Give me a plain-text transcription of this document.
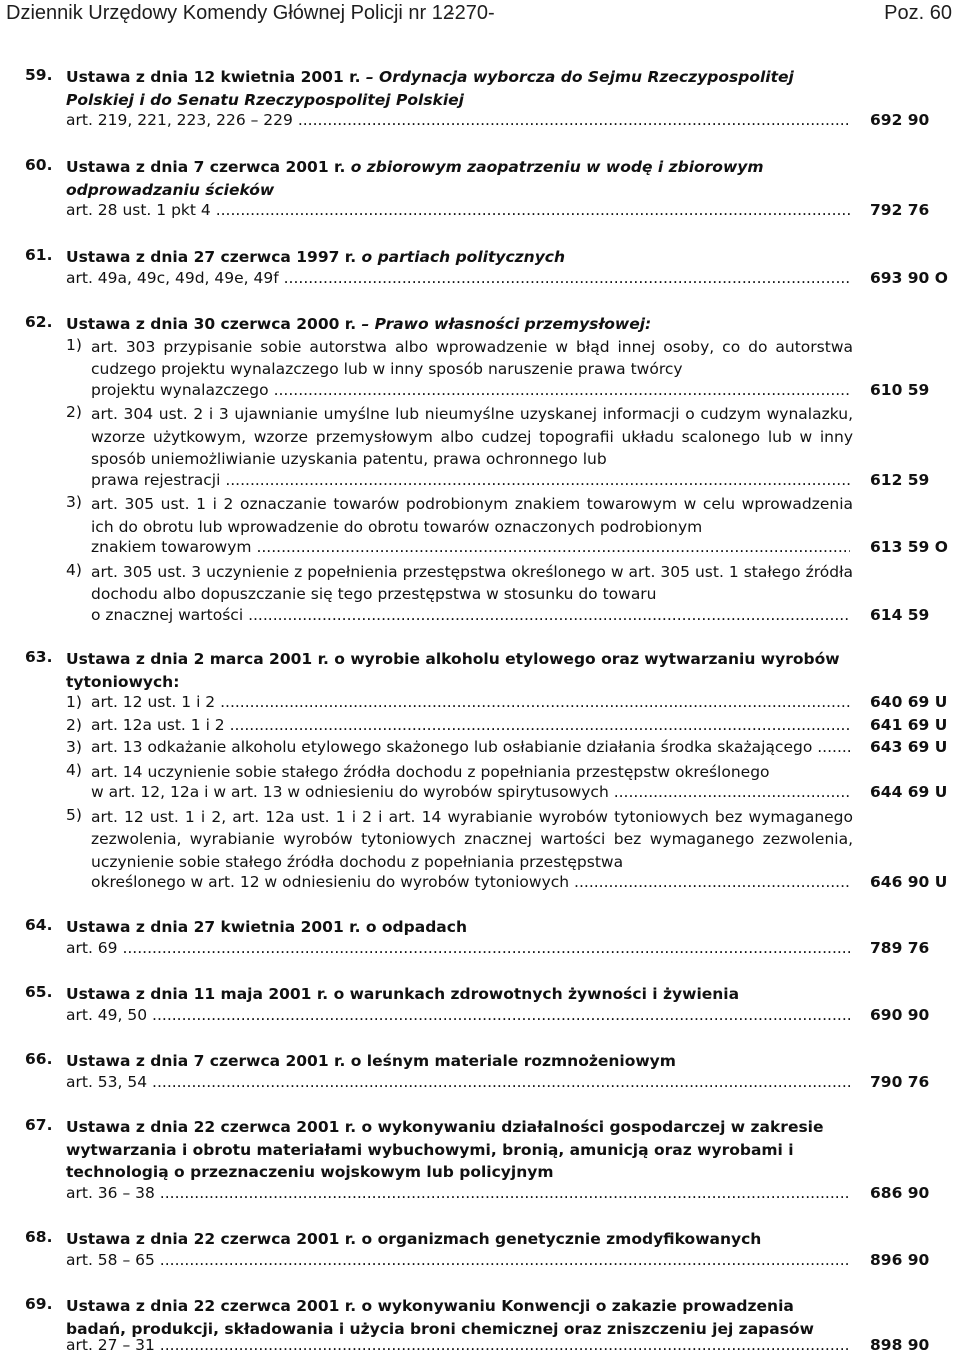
Dziennik Urzędowy Komendy Głównej Policji nr 12
-270-	Poz. 60
59. Ustawa z dnia 12 kwietnia 2001 r. – Ordynacja wyborcza do Sejmu Rzeczypospolitej Polskiej i do Senatu Rzeczypospolitej Polskiej
art. 219, 221, 223, 226 – 229 .....	692 90
60. Ustawa z dnia 7 czerwca 2001 r. o zbiorowym zaopatrzeniu w wodę i zbiorowym odprowadzaniu ścieków
art. 28 ust. 1 pkt 4 .....	792 76
61. Ustawa z dnia 27 czerwca 1997 r. o partiach politycznych
art. 49a, 49c, 49d, 49e, 49f .....	693 90 O
62. Ustawa z dnia 30 czerwca 2000 r. – Prawo własności przemysłowej:
1) art. 303 przypisanie sobie autorstwa albo wprowadzenie w błąd innej osoby, co do autorstwa cudzego projektu wynalazczego lub w inny sposób naruszenie prawa twórcy
projektu wynalazczego .....	610 59
2) art. 304 ust. 2 i 3 ujawnianie umyślne lub nieumyślne uzyskanej informacji o cudzym wynalazku, wzorze użytkowym, wzorze przemysłowym albo cudzej topografii układu scalonego lub w inny sposób uniemożliwianie uzyskania patentu, prawa ochronnego lub
prawa rejestracji .....	612 59
3) art. 305 ust. 1 i 2 oznaczanie towarów podrobionym znakiem towarowym w celu wprowadzenia ich do obrotu lub wprowadzenie do obrotu towarów oznaczonych podrobionym
znakiem towarowym .....	613 59 O
4) art. 305 ust. 3 uczynienie z popełnienia przestępstwa określonego w art. 305 ust. 1 stałego źródła dochodu albo dopuszczanie się tego przestępstwa w stosunku do towaru
o znacznej wartości .....	614 59
63. Ustawa z dnia 2 marca 2001 r. o wyrobie alkoholu etylowego oraz wytwarzaniu wyrobów tytoniowych:
1) art. 12 ust. 1 i 2 .....	640 69 U
2) art. 12a ust. 1 i 2 .....	641 69 U
3) art. 13 odkażanie alkoholu etylowego skażonego lub osłabianie działania środka skażającego .....	643 69 U
4) art. 14 uczynienie sobie stałego źródła dochodu z popełniania przestępstw określonego
w art. 12, 12a i w art. 13 w odniesieniu do wyrobów spirytusowych .....	644 69 U
5) art. 12 ust. 1 i 2, art. 12a ust. 1 i 2 i art. 14 wyrabianie wyrobów tytoniowych bez wymaganego zezwolenia, wyrabianie wyrobów tytoniowych znacznej wartości bez wymaganego zezwolenia, uczynienie sobie stałego źródła dochodu z popełniania przestępstwa
określonego w art. 12 w odniesieniu do wyrobów tytoniowych .....	646 90 U
64. Ustawa z dnia 27 kwietnia 2001 r. o odpadach
art. 69 .....	789 76
65. Ustawa z dnia 11 maja 2001 r. o warunkach zdrowotnych żywności i żywienia
art. 49, 50 .....	690 90
66. Ustawa z dnia 7 czerwca 2001 r. o leśnym materiale rozmnożeniowym
art. 53, 54 .....	790 76
67. Ustawa z dnia 22 czerwca 2001 r. o wykonywaniu działalności gospodarczej w zakresie wytwarzania i obrotu materiałami wybuchowymi, bronią, amunicją oraz wyrobami i technologią o przeznaczeniu wojskowym lub policyjnym
art. 36 – 38 .....	686 90
68. Ustawa z dnia 22 czerwca 2001 r. o organizmach genetycznie zmodyfikowanych
art. 58 – 65 .....	896 90
69. Ustawa z dnia 22 czerwca 2001 r. o wykonywaniu Konwencji o zakazie prowadzenia badań, produkcji, składowania i użycia broni chemicznej oraz zniszczeniu jej zapasów
art. 27 – 31 .....	898 90
